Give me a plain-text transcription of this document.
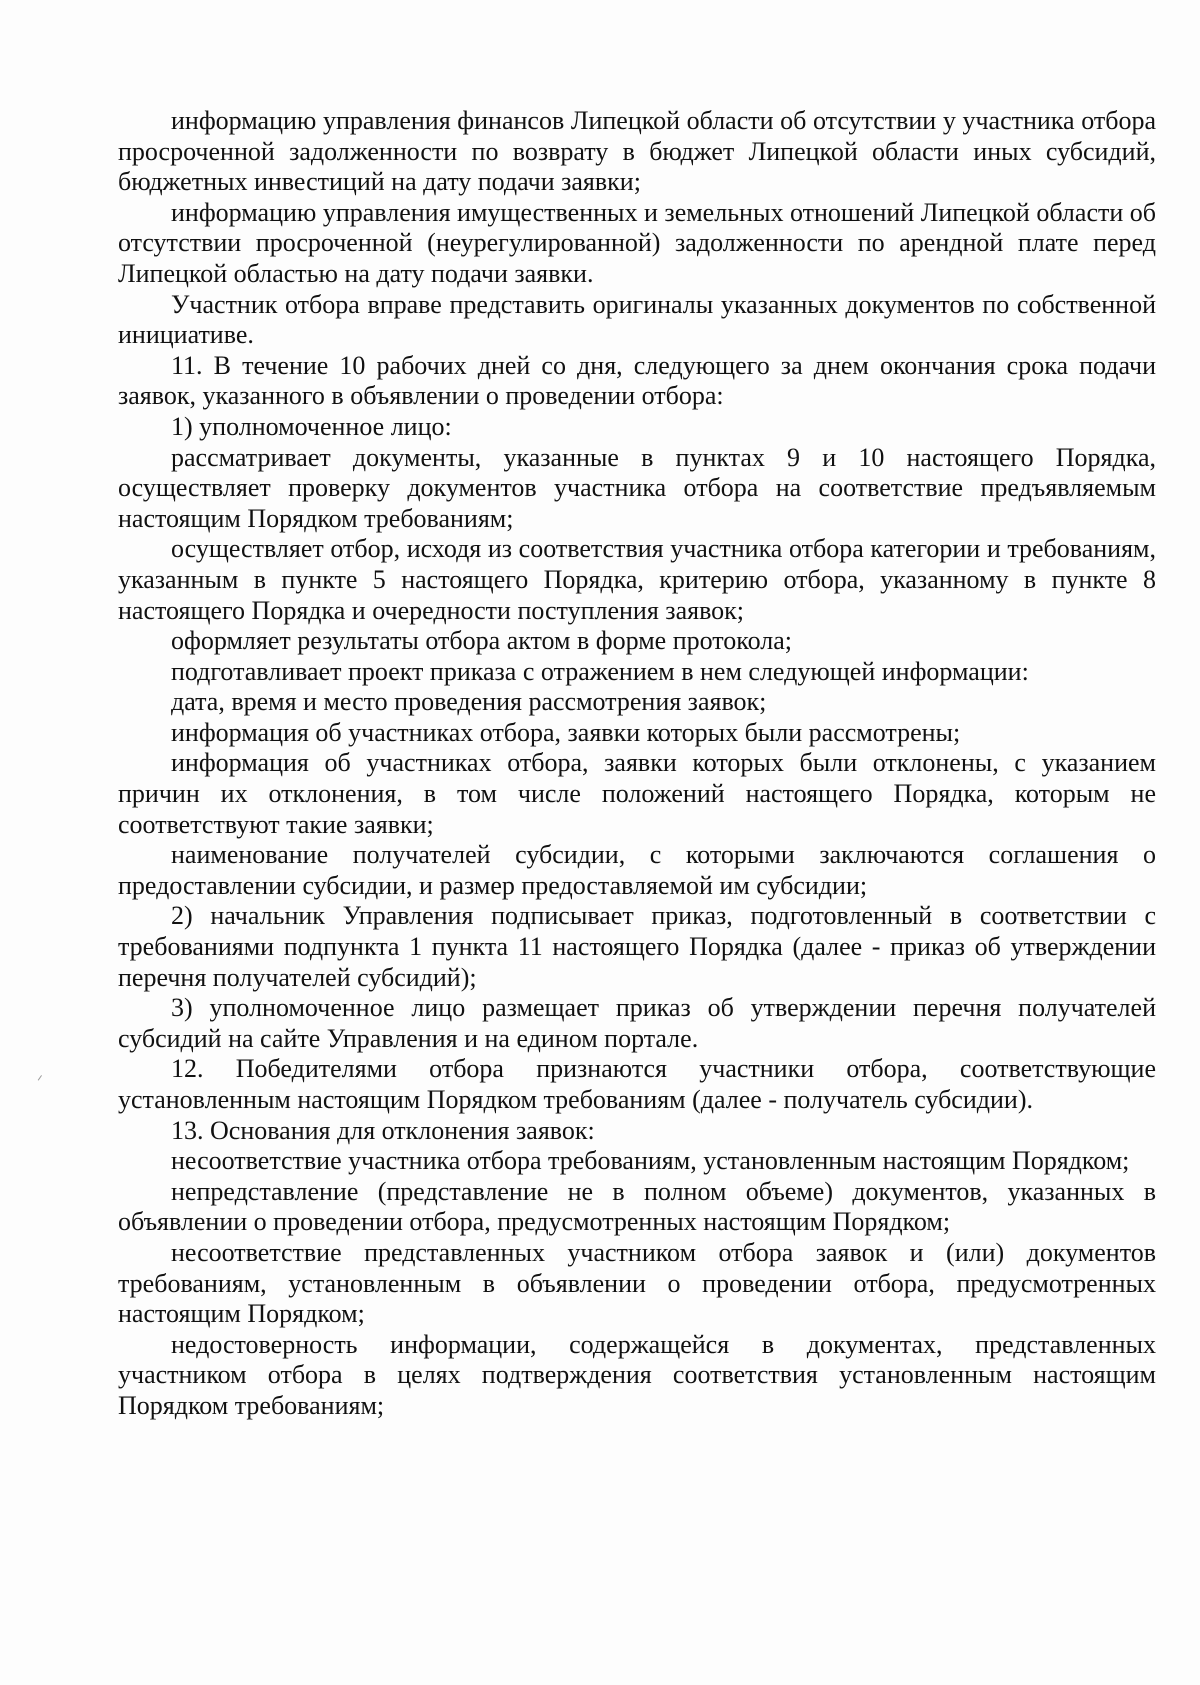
информацию управления финансов Липецкой области об отсутствии у участника отбора просроченной задолженности по возврату в бюджет Липецкой области иных субсидий, бюджетных инвестиций на дату подачи заявки;

информацию управления имущественных и земельных отношений Липецкой области об отсутствии просроченной (неурегулированной) задолженности по арендной плате перед Липецкой областью на дату подачи заявки.

Участник отбора вправе представить оригиналы указанных документов по собственной инициативе.

11. В течение 10 рабочих дней со дня, следующего за днем окончания срока подачи заявок, указанного в объявлении о проведении отбора:

1) уполномоченное лицо:

рассматривает документы, указанные в пунктах 9 и 10 настоящего Порядка, осуществляет проверку документов участника отбора на соответствие предъявляемым настоящим Порядком требованиям;

осуществляет отбор, исходя из соответствия участника отбора категории и требованиям, указанным в пункте 5 настоящего Порядка, критерию отбора, указанному в пункте 8 настоящего Порядка и очередности поступления заявок;

оформляет результаты отбора актом в форме протокола;

подготавливает проект приказа с отражением в нем следующей информации:

дата, время и место проведения рассмотрения заявок;

информация об участниках отбора, заявки которых были рассмотрены;

информация об участниках отбора, заявки которых были отклонены, с указанием причин их отклонения, в том числе положений настоящего Порядка, которым не соответствуют такие заявки;

наименование получателей субсидии, с которыми заключаются соглашения о предоставлении субсидии, и размер предоставляемой им субсидии;

2) начальник Управления подписывает приказ, подготовленный в соответствии с требованиями подпункта 1 пункта 11 настоящего Порядка (далее - приказ об утверждении перечня получателей субсидий);

3) уполномоченное лицо размещает приказ об утверждении перечня получателей субсидий на сайте Управления и на едином портале.

12. Победителями отбора признаются участники отбора, соответствующие установленным настоящим Порядком требованиям (далее - получатель субсидии).

13. Основания для отклонения заявок:

несоответствие участника отбора требованиям, установленным настоящим Порядком;

непредставление (представление не в полном объеме) документов, указанных в объявлении о проведении отбора, предусмотренных настоящим Порядком;

несоответствие представленных участником отбора заявок и (или) документов требованиям, установленным в объявлении о проведении отбора, предусмотренных настоящим Порядком;

недостоверность информации, содержащейся в документах, представленных участником отбора в целях подтверждения соответствия установленным настоящим Порядком требованиям;
